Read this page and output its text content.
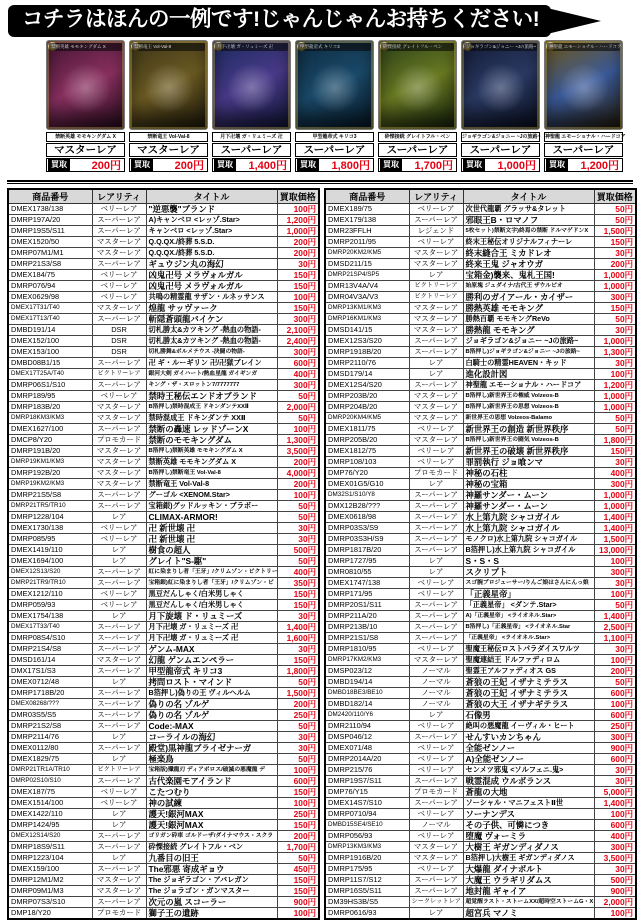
コチラはほんの一例です!じゃんじゃんお持ちください!
禁断英雄 モモキングダム X
禁断英雄 モモキングダム X
マスターレア
買取	200円
禁断竜王 Vol-Val-8
禁断竜王 Vol-Val-8
マスターレア
買取	200円
月下卍壊 ガ・リュミーズ 卍
月下卍壊 ガ・リュミーズ 卍
スーパーレア
買取	1,400円
甲型龍帝式 キリコ3
甲型龍帝式 キリコ3
スーパーレア
買取	1,800円
砕慄接続 グレイトフル・ベン
砕慄接続 グレイトフル・ベン
スーパーレア
買取	1,700円
ジョギラゴン&ジョニー ~Jの旅路~
ジョギラゴン&ジョニー ~Jの旅路~
スーパーレア
買取	1,000円
神聖龍 エモーショナル・ハードコア
神聖龍 エモーショナル・ハードコア
スーパーレア
買取	1,200円
商品番号	レアリティ	タイトル	買取価格
DMEX1738/138	ベリーレア	"逆悪襲"ブランド	100円
DMRP197A/20	スーパーレア	A)キャンベロ <レッゾ.Star>	1,200円
DMRP19S5/S11	スーパーレア	キャンベロ <レッゾ.Star>	1,000円
DMEX1520/50	マスターレア	Q.Q.QX./終葬 5.S.D.	200円
DMRP07M1/M1	マスターレア	Q.Q.QX./終葬 5.S.D.	200円
DMRP21S3/S8	スーパーレア	ギュウジン丸の海幻	30円
DMEX184/75	ベリーレア	凶鬼卍号 メラヴォルガル	150円
DMRP076/94	ベリーレア	凶鬼卍号 メラヴォルガル	150円
DMEX0629/98	ベリーレア	共鳴の精霊龍 サザン・ルネッサンス	100円
DMEX17T31/T40	マスターレア	煌龍 サッヴァーク	150円
DMEX17T13/T40	スーパーレア	斬隠蒼頭龍バイケン	300円
DMBD191/14	DSR	切札勝太&カツキング -熱血の物語-	2,100円
DMEX152/100	DSR	切札勝太&カツキング -熱血の物語-	2,400円
DMEX153/100	DSR	切札勝舞&ボルメテウス -決闘の物語-	300円
DMBD08B1/15	スーパーレア	卍 ギ・ルーギリン 卍/卍獄ブレイン	600円
DMEX17T25A/T40	ビクトリーレア	銀河大剣 ガイハート/熱血星龍 ガイギンガ	400円
DMRP06S1/S10	スーパーレア	キング・ザ・スロットン7/7777777	300円
DMRP189/95	ベリーレア	禁時王秘伝エンドオブランド	50円
DMRP183B/20	マスターレア	B箔押し)禁時混成王 ドキンダンテXXⅡ	2,000円
DMRP18KM3/KM3	マスターレア	禁時混成王 ドキンダンテ XXⅡ	50円
DMEX1627/100	スーパーレア	禁断の轟速 レッドゾーンX	100円
DMCP8/Y20	プロモカード	禁断のモモキングダム	1,300円
DMRP191B/20	マスターレア	B箔押し)禁断英雄 モモキングダム X	3,500円
DMRP19KM1/KM3	マスターレア	禁断英雄 モモキングダム X	200円
DMRP192B/20	マスターレア	B箔押し)禁断竜王 Vol-Val-8	4,000円
DMRP19KM2/KM3	マスターレア	禁断竜王 Vol-Val-8	200円
DMRP21S5/S8	スーパーレア	グーゴル <XENOM.Star>	100円
DMRP21TR5/TR10	スーパーレア	宝箱銀)グッドルッキン・ブラボー	50円
DMRP1228/104	レア	CLIMAX-ARMOR!	50円
DMEX1730/138	ベリーレア	卍 新世壊 卍	30円
DMRP085/95	ベリーレア	卍 新世壊 卍	30円
DMEX1419/110	レア	樹食の超人	500円
DMEX1694/100	レア	グレイト"S-駆"	50円
DMEX12S13/S20	スーパーレア	紅に染まりし者「王牙」/クリムゾン・ビクトリー	400円
DMRP21TR9/TR10	スーパーレア	宝箱銀)紅に染まりし者「王牙」/クリムゾン・ビ	350円
DMEX1212/110	ベリーレア	黒豆だんしゃく/白米男しゃく	150円
DMRP059/93	ベリーレア	黒豆だんしゃく/白米男しゃく	150円
DMEX1754/138	レア	月下旋壊 ド・リュミーズ	30円
DMEX17T33/T40	スーパーレア	月下卍壊 ガ・リュミーズ 卍	1,400円
DMRP08S4/S10	スーパーレア	月下卍壊 ガ・リュミーズ 卍	1,600円
DMRP21S4/S8	スーパーレア	ゲンム-MAX	30円
DMSD161/14	マスターレア	幻龍 ゲンムエンペラー	150円
DMX17S1/S3	スーパーレア	甲型龍帝式 キリコ3	1,800円
DMEX0712/48	レア	拷問ロスト・マインド	50円
DMRP1718B/20	スーパーレア	B箔押し)偽りの王 ヴィルヘルム	1,500円
DMEX08268/???	スーパーレア	偽りの名 ゾルゲ	200円
DMR03S5/S5	スーパーレア	偽りの名 ゾルゲ	250円
DMRP21S2/S8	スーパーレア	Code:-MAX	50円
DMRP2114/76	レア	コーライルの海幻	30円
DMEX0112/80	スーパーレア	殿堂)黒神龍ブライゼナーガ	30円
DMEX1829/75	レア	極楽鳥	50円
DMRP21TR1A/TR10	ビクトリーレア	宝箱版)殲龍刃 ディアボロス/破滅の悪魔龍 デ	100円
DMRP02S10/S10	スーパーレア	古代楽園モアイランド	600円
DMEX187/75	ベリーレア	こたつむり	150円
DMEX1514/100	ベリーレア	神の試練	100円
DMEX1422/110	レア	護天!銀河MAX	250円
DMRP1424/95	レア	護天!銀河MAX	150円
DMEX12S14/S20	スーパーレア	ゴリガン砕車 ゴルドーザ/ダイナマウス・スクラ	200円
DMRP18S9/S11	スーパーレア	砕慄接続 グレイトフル・ベン	1,700円
DMRP1223/104	レア	九番目の旧王	50円
DMEX159/100	スーパーレア	The邪悪 寄成ギョウ	450円
DMRP12M1/M2	マスターレア	The ジョギラゴン・アバレガン	150円
DMRP09M1/M3	マスターレア	The ジョラゴン・ガンマスター	150円
DMRP07S3/S10	スーパーレア	次元の嵐 スコーラー	900円
DMP18/Y20	プロモカード	獅子王の遺跡	100円
商品番号	レアリティ	タイトル	買取価格
DMEX189/75	ベリーレア	次世代龍覇 グラッサ&タレット	50円
DMEX179/138	スーパーレア	邪眼王B・ロマノフ	50円
DMR23FFLH	レジェンド	5枚セット)禁断文字)終焉の禁断 ドルマゲドンX	1,500円
DMRP2011/95	ベリーレア	終末王秘伝オリジナルフィナーレ	150円
DMRP20KM2/KM5	マスターレア	終末縫合王 ミカドレオ	30円
DMSD211/15	マスターレア	終来王鬼 ジャオウガ	200円
DMRP21SP4/SP5	レア	宝箱金)襲来、鬼札王国!	1,000円
DMR13V4A/V4	ビクトリーレア	始原塊 ジュダイナ/古代王 ザウルピオ	1,000円
DMR04V3A/V3	ビクトリーレア	勝利のガイアール・カイザー	300円
DMRP13KM1/KM3	マスターレア	勝熱英雄 モモキング	150円
DMRP16KM1/KM3	マスターレア	勝熱百覇 モモキングReVo	50円
DMSD141/15	マスターレア	勝熱龍 モモキング	30円
DMEX12S3/S20	スーパーレア	ジョギラゴン&ジョニー ~Jの旅路~	1,000円
DMRP1918B/20	スーパーレア	B箔押し)ジョギラゴン&ジョニー ~Jの旅路~	1,300円
DMRP2110/76	レア	白騎士の精霊HEAVEN・キッド	30円
DMSD179/14	レア	進化設計図	100円
DMEX12S4/S20	スーパーレア	神聖龍 エモーショナル・ハードコア	1,200円
DMRP203B/20	マスターレア	B箔押し)新世界王の権威 Volzeos-B	1,000円
DMRP204B/20	マスターレア	B箔押し)新世界王の思想 Volzeos-B	1,000円
DMRP20KM4/KM5	マスターレア	新世界王の思想 Volzeos-Balamo	50円
DMEX1811/75	ベリーレア	新世界王の創造 新世界秩序	50円
DMRP205B/20	マスターレア	B箔押し)新世界王の闘気 Volzeos-B	1,800円
DMEX1812/75	ベリーレア	新世界王の破壊 新世界秩序	150円
DMRP108/103	ベリーレア	罪罰執行 ジョ喰ンマ	30円
DMP76/Y20	プロモカード	神秘の石柱	400円
DMEX01G5/G10	レア	神秘の宝箱	300円
DM32S1/S10/Y8	スーパーレア	神羅サンダー・ムーン	1,000円
DMX12B28/???	スーパーレア	神羅サンダー・ムーン	1,000円
DMEX0618/98	スーパーレア	水上第九院 シャコガイル	1,400円
DMRP03S3/S9	スーパーレア	水上第九院 シャコガイル	1,400円
DMRP03S3H/S9	スーパーレア	モノクロ)水上第九院 シャコガイル	1,500円
DMRP1817B/20	スーパーレア	B箔押し)水上第九院 シャコガイル	13,000円
DMRP1727/95	レア	S・S・S	100円
DMR0810/55	レア	スクリプト	300円
DMEX1747/138	ベリーレア	スゴ腕プロジューサー/りんご娘はさんにんっ娘	30円
DMRP171/95	ベリーレア	「正義星帝」	100円
DMRP20S1/S11	スーパーレア	「正義星帝」 <ダンテ.Star>	50円
DMRP211A/20	スーパーレア	A)「正義星帝」 <ライオネル.Star>	1,400円
DMRP213B/10	スーパーレア	B箔押し)「正義星帝」 <ライオネル.Star	2,500円
DMRP21S1/S8	スーパーレア	「正義星帝」 <ライオネル.Star>	1,100円
DMRP1810/95	ベリーレア	聖魔王秘伝ロストパラダイスワルツ	30円
DMRP17KM2/KM3	マスターレア	聖魔連結王 ドルファディロム	100円
DMSP023/12	ノーマル	聖霊王アルファディオス GS	200円
DMBD194/14	ノーマル	蒼狼の王妃 イザナミテラス	50円
DMBD18BE3/BE10	ノーマル	蒼狼の王妃 イザナミテラス	600円
DMBD182/14	ノーマル	蒼狼の大王 イザナギテラス	100円
DM2420/110/Y6	レア	石像男	600円
DMR2110/94	ベリーレア	絶叫の悪魔龍 イーヴィル・ヒート	250円
DMSP046/12	スーパーレア	せんすいカンちゃん	300円
DMEX071/48	ベリーレア	全能ゼンノー	900円
DMRP2014A/20	ベリーレア	A)全能ゼンノー	600円
DMRP215/76	ベリーレア	センメツ邪鬼 <ソルフェニ.鬼>	30円
DMRP19S7/S11	スーパーレア	戦霊混成 ウルボランス	30円
DMP76/Y15	プロモカード	蒼龍の大地	5,000円
DMEX14S7/S10	スーパーレア	ソーシャル・マニフェストⅡ世	1,400円
DMRP0710/94	ベリーレア	ソーナンデス	100円
DMBD15SE4/SE10	ノーマル	その子供、可憐につき	600円
DMRP056/93	ベリーレア	堕魔 ヴォーミラ	400円
DMRP13KM3/KM3	マスターレア	大樹王 ギガンディダノス	300円
DMRP1916B/20	マスターレア	B箔押し)大樹王 ギガンディダノス	3,500円
DMRP175/95	ベリーレア	大爆龍 ダイナボルト	30円
DMRP11S7/S12	スーパーレア	大魔王 ウラギリダムス	500円
DMRP16S5/S11	スーパーレア	地封龍 ギャイア	900円
DM39HS3B/S5	シークレットレア	超覚醒ラスト・ストームXX/超時空ストームG・X	2,000円
DMRP0616/93	レア	超宮兵 マノミ	100円
